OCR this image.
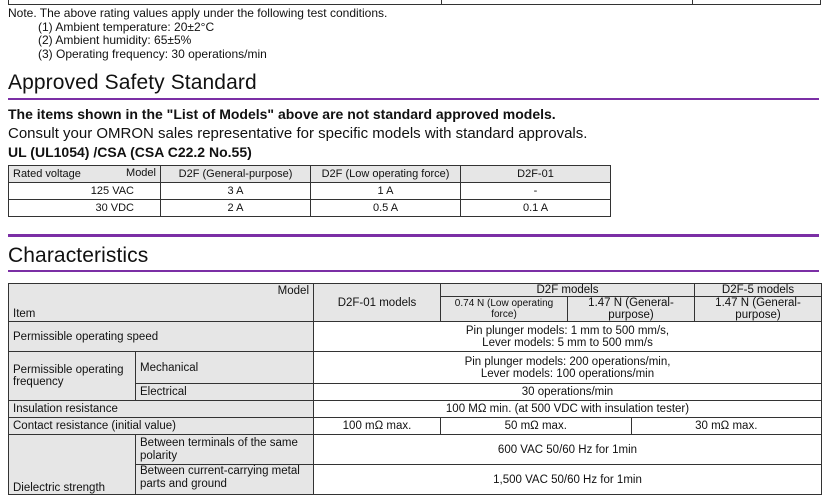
Note. The above rating values apply under the following test conditions.
(1) Ambient temperature: 20±2°C
(2) Ambient humidity: 65±5%
(3) Operating frequency: 30 operations/min
Approved Safety Standard
The items shown in the "List of Models" above are not standard approved models.
Consult your OMRON sales representative for specific models with standard approvals.
UL (UL1054) /CSA (CSA C22.2 No.55)
Rated voltage Model	D2F (General-purpose)	D2F (Low operating force)	D2F-01
125 VAC	3 A	1 A	-
30 VDC	2 A	0.5 A	0.1 A
Characteristics
Model
Item		D2F-01 models	D2F models			D2F-5 models
			0.74 N (Low operating force)	1.47 N (General-purpose)		1.47 N (General-purpose)
Permissible operating speed		Pin plunger models: 1 mm to 500 mm/s,
Lever models: 5 mm to 500 mm/s				

Permissible operating frequency	Mechanical	Pin plunger models: 200 operations/min,
Lever models: 100 operations/min				

	Electrical	30 operations/min				
Insulation resistance		100 MΩ min. (at 500 VDC with insulation tester)				
Contact resistance (initial value)		100 mΩ max.	50 mΩ max.		30 mΩ max.	
Dielectric strength	Between terminals of the same polarity	600 VAC 50/60 Hz for 1min				
	Between current-carrying metal parts and ground	1,500 VAC 50/60 Hz for 1min				
